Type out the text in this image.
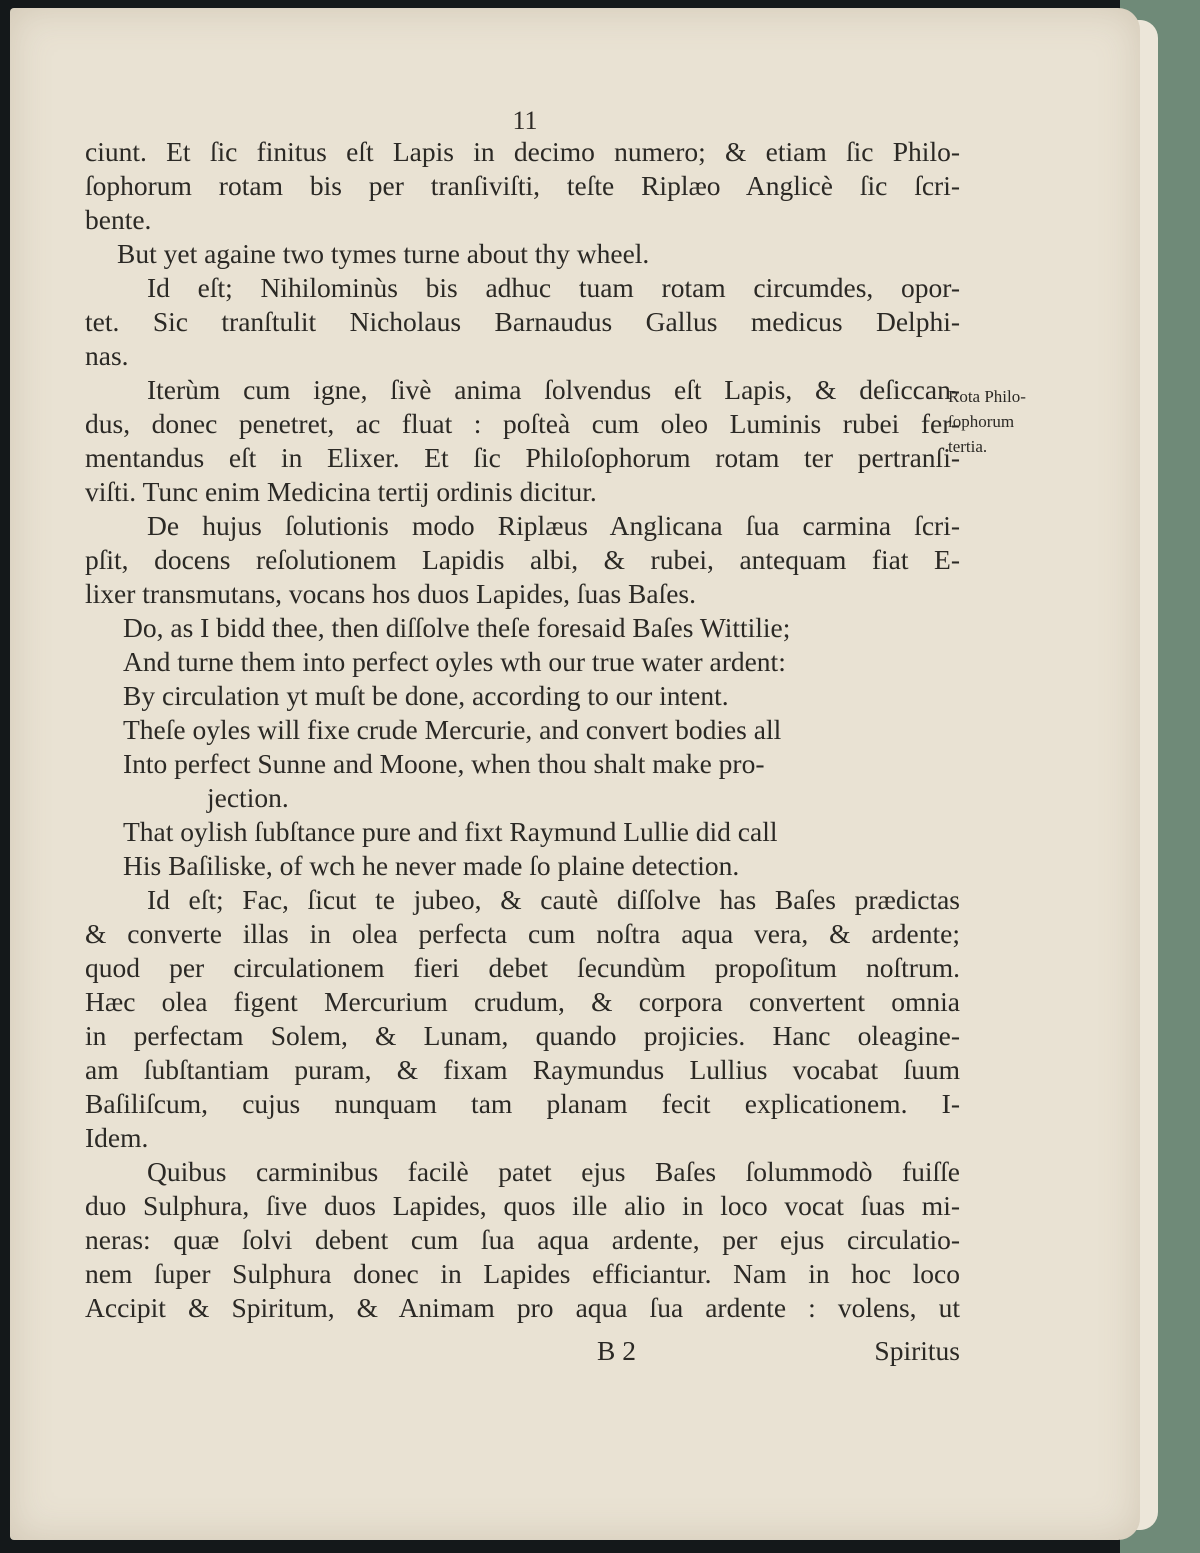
11
ciunt. Et ſic finitus eſt Lapis in decimo numero; & etiam ſic Philo-
ſophorum rotam bis per tranſiviſti, teſte Riplæo Anglicè ſic ſcri-
bente.
But yet againe two tymes turne about thy wheel.
Id eſt; Nihilominùs bis adhuc tuam rotam circumdes, opor-
tet. Sic tranſtulit Nicholaus Barnaudus Gallus medicus Delphi-
nas.
Iterùm cum igne, ſivè anima ſolvendus eſt Lapis, & deſiccan-
dus, donec penetret, ac fluat : poſteà cum oleo Luminis rubei fer-
mentandus eſt in Elixer. Et ſic Philoſophorum rotam ter pertranſi-
viſti. Tunc enim Medicina tertij ordinis dicitur.
De hujus ſolutionis modo Riplæus Anglicana ſua carmina ſcri-
pſit, docens reſolutionem Lapidis albi, & rubei, antequam fiat E-
lixer transmutans, vocans hos duos Lapides, ſuas Baſes.
Do, as I bidd thee, then diſſolve theſe foresaid Baſes Wittilie;
And turne them into perfect oyles wth our true water ardent:
By circulation yt muſt be done, according to our intent.
Theſe oyles will fixe crude Mercurie, and convert bodies all
Into perfect Sunne and Moone, when thou shalt make pro-
jection.
That oylish ſubſtance pure and fixt Raymund Lullie did call
His Baſiliske, of wch he never made ſo plaine detection.
Id eſt; Fac, ſicut te jubeo, & cautè diſſolve has Baſes prædictas
& converte illas in olea perfecta cum noſtra aqua vera, & ardente;
quod per circulationem fieri debet ſecundùm propoſitum noſtrum.
Hæc olea figent Mercurium crudum, & corpora convertent omnia
in perfectam Solem, & Lunam, quando projicies. Hanc oleagine-
am ſubſtantiam puram, & fixam Raymundus Lullius vocabat ſuum
Baſiliſcum, cujus nunquam tam planam fecit explicationem. I-
Idem.
Quibus carminibus facilè patet ejus Baſes ſolummodò fuiſſe
duo Sulphura, ſive duos Lapides, quos ille alio in loco vocat ſuas mi-
neras: quæ ſolvi debent cum ſua aqua ardente, per ejus circulatio-
nem ſuper Sulphura donec in Lapides efficiantur. Nam in hoc loco
Accipit & Spiritum, & Animam pro aqua ſua ardente : volens, ut
Rota Philo-
ſophorum
tertia.
B 2	Spiritus
